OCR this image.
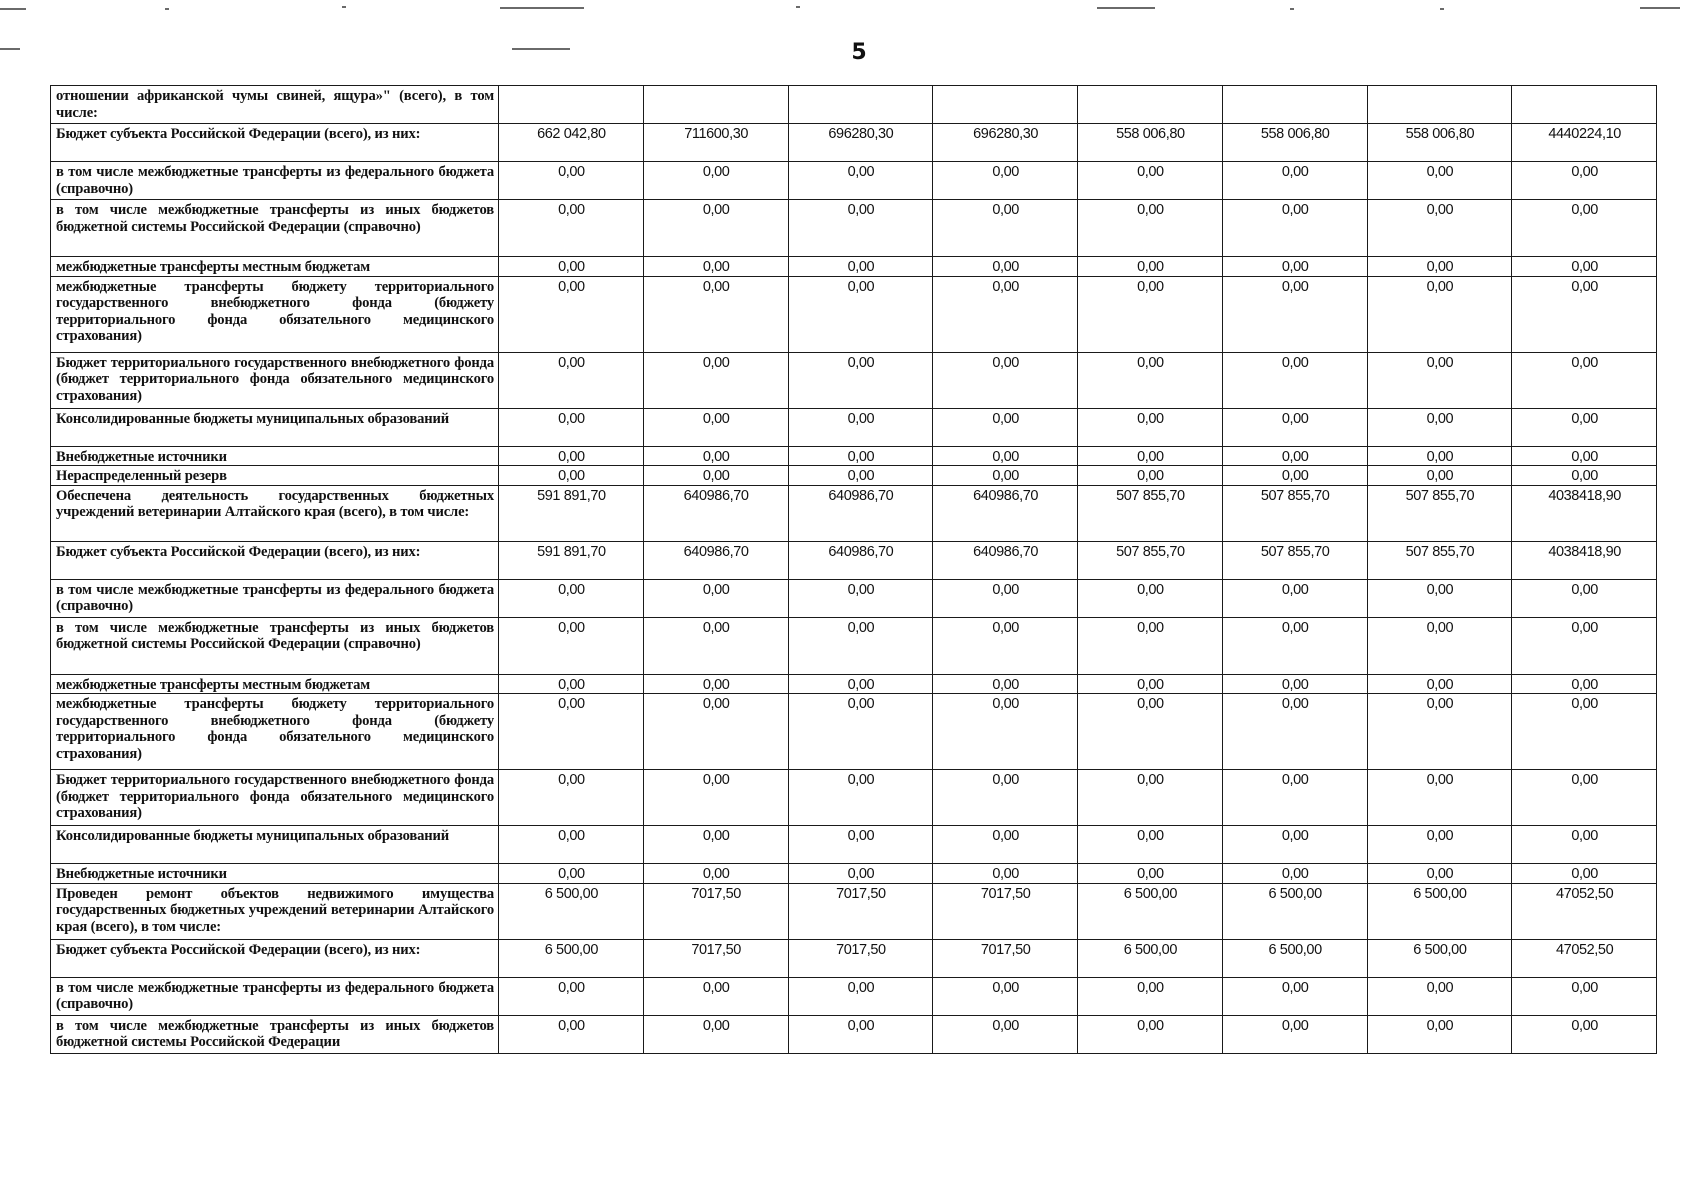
5
отношении африканской чумы свиней, ящура»" (всего), в том числе:								
Бюджет субъекта Российской Федерации (всего), из них:	662 042,80	711600,30	696280,30	696280,30	558 006,80	558 006,80	558 006,80	4440224,10
в том числе межбюджетные трансферты из федерального бюджета (справочно)	0,00	0,00	0,00	0,00	0,00	0,00	0,00	0,00
в том числе межбюджетные трансферты из иных бюджетов бюджетной системы Российской Федерации (справочно)	0,00	0,00	0,00	0,00	0,00	0,00	0,00	0,00
межбюджетные трансферты местным бюджетам	0,00	0,00	0,00	0,00	0,00	0,00	0,00	0,00
межбюджетные трансферты бюджету территориального государственного внебюджетного фонда (бюджету территориального фонда обязательного медицинского страхования)	0,00	0,00	0,00	0,00	0,00	0,00	0,00	0,00
Бюджет территориального государственного внебюджетного фонда (бюджет территориального фонда обязательного медицинского страхования)	0,00	0,00	0,00	0,00	0,00	0,00	0,00	0,00
Консолидированные бюджеты муниципальных образований	0,00	0,00	0,00	0,00	0,00	0,00	0,00	0,00
Внебюджетные источники	0,00	0,00	0,00	0,00	0,00	0,00	0,00	0,00
Нераспределенный резерв	0,00	0,00	0,00	0,00	0,00	0,00	0,00	0,00
Обеспечена деятельность государственных бюджетных учреждений ветеринарии Алтайского края (всего), в том числе:	591 891,70	640986,70	640986,70	640986,70	507 855,70	507 855,70	507 855,70	4038418,90
Бюджет субъекта Российской Федерации (всего), из них:	591 891,70	640986,70	640986,70	640986,70	507 855,70	507 855,70	507 855,70	4038418,90
в том числе межбюджетные трансферты из федерального бюджета (справочно)	0,00	0,00	0,00	0,00	0,00	0,00	0,00	0,00
в том числе межбюджетные трансферты из иных бюджетов бюджетной системы Российской Федерации (справочно)	0,00	0,00	0,00	0,00	0,00	0,00	0,00	0,00
межбюджетные трансферты местным бюджетам	0,00	0,00	0,00	0,00	0,00	0,00	0,00	0,00
межбюджетные трансферты бюджету территориального государственного внебюджетного фонда (бюджету территориального фонда обязательного медицинского страхования)	0,00	0,00	0,00	0,00	0,00	0,00	0,00	0,00
Бюджет территориального государственного внебюджетного фонда (бюджет территориального фонда обязательного медицинского страхования)	0,00	0,00	0,00	0,00	0,00	0,00	0,00	0,00
Консолидированные бюджеты муниципальных образований	0,00	0,00	0,00	0,00	0,00	0,00	0,00	0,00
Внебюджетные источники	0,00	0,00	0,00	0,00	0,00	0,00	0,00	0,00
Проведен ремонт объектов недвижимого имущества государственных бюджетных учреждений ветеринарии Алтайского края (всего), в том числе:	6 500,00	7017,50	7017,50	7017,50	6 500,00	6 500,00	6 500,00	47052,50
Бюджет субъекта Российской Федерации (всего), из них:	6 500,00	7017,50	7017,50	7017,50	6 500,00	6 500,00	6 500,00	47052,50
в том числе межбюджетные трансферты из федерального бюджета (справочно)	0,00	0,00	0,00	0,00	0,00	0,00	0,00	0,00
в том числе межбюджетные трансферты из иных бюджетов бюджетной системы Российской Федерации	0,00	0,00	0,00	0,00	0,00	0,00	0,00	0,00
